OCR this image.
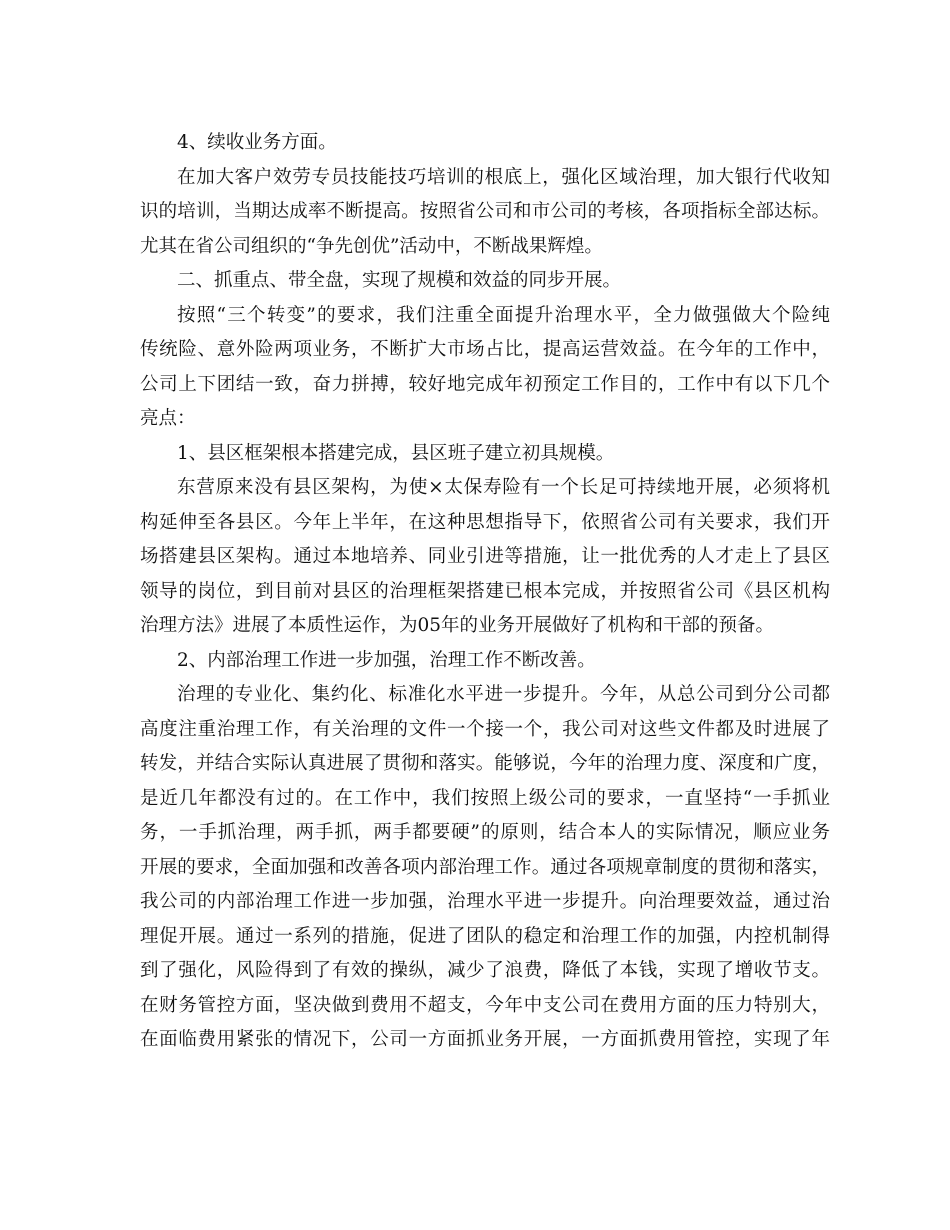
4、续收业务方面。

在加大客户效劳专员技能技巧培训的根底上，强化区域治理，加大银行代收知

识的培训，当期达成率不断提高。按照省公司和市公司的考核，各项指标全部达标。

尤其在省公司组织的“争先创优”活动中，不断战果辉煌。

二、抓重点、带全盘，实现了规模和效益的同步开展。

按照“三个转变”的要求，我们注重全面提升治理水平，全力做强做大个险纯

传统险、意外险两项业务，不断扩大市场占比，提高运营效益。在今年的工作中，

公司上下团结一致，奋力拼搏，较好地完成年初预定工作目的，工作中有以下几个

亮点：

1、县区框架根本搭建完成，县区班子建立初具规模。

东营原来没有县区架构，为使×太保寿险有一个长足可持续地开展，必须将机

构延伸至各县区。今年上半年，在这种思想指导下，依照省公司有关要求，我们开

场搭建县区架构。通过本地培养、同业引进等措施，让一批优秀的人才走上了县区

领导的岗位，到目前对县区的治理框架搭建已根本完成，并按照省公司《县区机构

治理方法》进展了本质性运作，为05年的业务开展做好了机构和干部的预备。

2、内部治理工作进一步加强，治理工作不断改善。

治理的专业化、集约化、标准化水平进一步提升。今年，从总公司到分公司都

高度注重治理工作，有关治理的文件一个接一个，我公司对这些文件都及时进展了

转发，并结合实际认真进展了贯彻和落实。能够说，今年的治理力度、深度和广度，

是近几年都没有过的。在工作中，我们按照上级公司的要求，一直坚持“一手抓业

务，一手抓治理，两手抓，两手都要硬”的原则，结合本人的实际情况，顺应业务

开展的要求，全面加强和改善各项内部治理工作。通过各项规章制度的贯彻和落实，

我公司的内部治理工作进一步加强，治理水平进一步提升。向治理要效益，通过治

理促开展。通过一系列的措施，促进了团队的稳定和治理工作的加强，内控机制得

到了强化，风险得到了有效的操纵，减少了浪费，降低了本钱，实现了增收节支。

在财务管控方面，坚决做到费用不超支，今年中支公司在费用方面的压力特别大，

在面临费用紧张的情况下，公司一方面抓业务开展，一方面抓费用管控，实现了年
